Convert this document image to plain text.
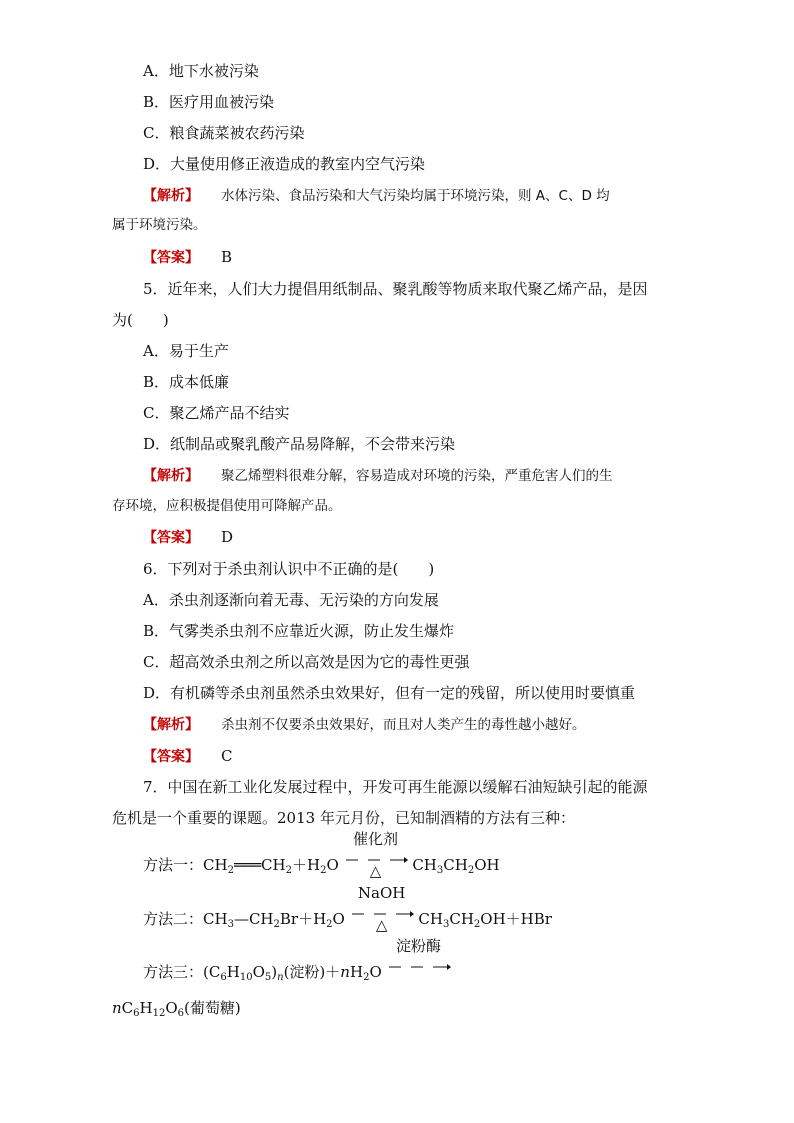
A．地下水被污染
B．医疗用血被污染
C．粮食蔬菜被农药污染
D．大量使用修正液造成的教室内空气污染
【解析】 水体污染、食品污染和大气污染均属于环境污染，则 A、C、D 均
属于环境污染。
【答案】 B
5．近年来，人们大力提倡用纸制品、聚乳酸等物质来取代聚乙烯产品，是因
为(　　)
A．易于生产
B．成本低廉
C．聚乙烯产品不结实
D．纸制品或聚乳酸产品易降解，不会带来污染
【解析】 聚乙烯塑料很难分解，容易造成对环境的污染，严重危害人们的生
存环境，应积极提倡使用可降解产品。
【答案】 D
6．下列对于杀虫剂认识中不正确的是(　　)
A．杀虫剂逐渐向着无毒、无污染的方向发展
B．气雾类杀虫剂不应靠近火源，防止发生爆炸
C．超高效杀虫剂之所以高效是因为它的毒性更强
D．有机磷等杀虫剂虽然杀虫效果好，但有一定的残留，所以使用时要慎重
【解析】 杀虫剂不仅要杀虫效果好，而且对人类产生的毒性越小越好。
【答案】 C
7．中国在新工业化发展过程中，开发可再生能源以缓解石油短缺引起的能源
危机是一个重要的课题。2013 年元月份，已知制酒精的方法有三种：
方法一：$CH_2═══CH_2+H_2O$
催化剂
△	$CH_3CH_2OH$
方法二：$CH_3—CH_2Br+H_2O$
NaOH
△	$CH_3CH_2OH+HBr$
方法三：$(C_6H_{10}O_5)_n$(淀粉)$+nH_2O$
淀粉酶
$nC_6H_{12}O_6$(葡萄糖)
